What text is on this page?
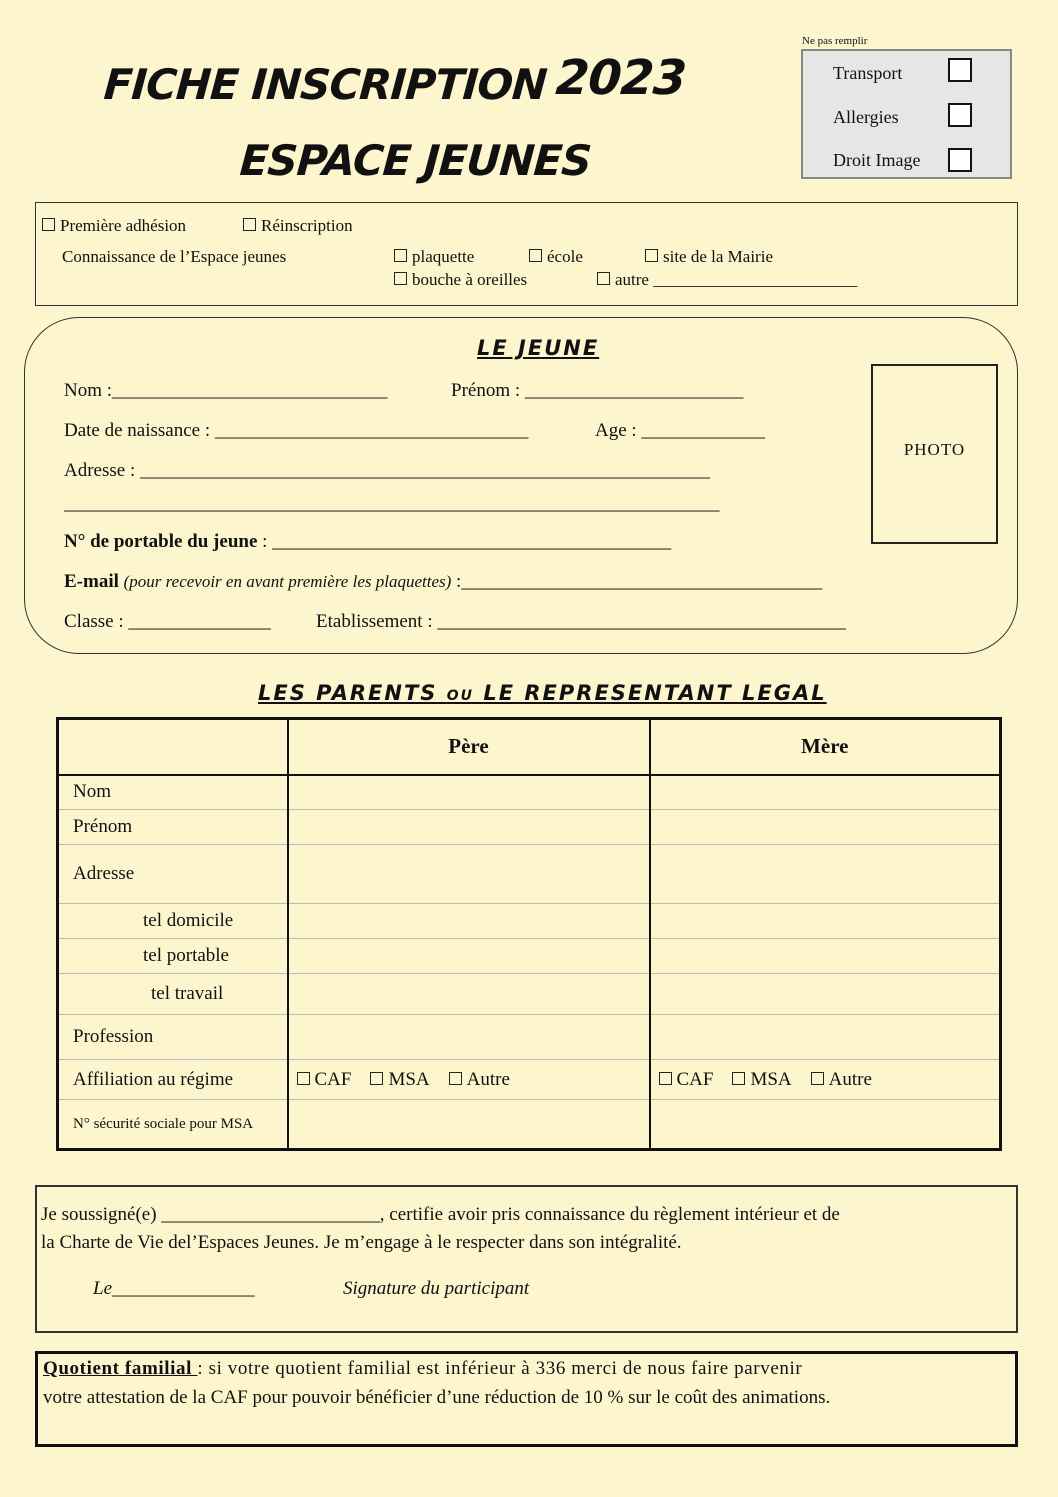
FICHE INSCRIPTION 2023
ESPACE JEUNES
Ne pas remplir
Transport
Allergies
Droit Image
Première adhésion	Réinscription
Connaissance de l’Espace jeunes	plaquette	école	site de la Mairie
bouche à oreilles	autre ________________________
LE JEUNE
Nom :_____________________________	Prénom : _______________________
Date de naissance : _________________________________	Age : _____________
Adresse : ____________________________________________________________
_____________________________________________________________________
N° de portable du jeune : __________________________________________
E-mail (pour recevoir en avant première les plaquettes) :______________________________________
Classe : _______________ Etablissement : ___________________________________________
PHOTO
LES PARENTS OU LE REPRESENTANT LEGAL
	Père	Mère
Nom		
Prénom		
Adresse		
tel domicile		
tel portable		
tel travail		
Profession		
Affiliation au régime	CAF MSA Autre	CAF MSA Autre
N° sécurité sociale pour MSA		
Je soussigné(e) _______________________, certifie avoir pris connaissance du règlement intérieur et de
la Charte de Vie del’Espaces Jeunes. Je m’engage à le respecter dans son intégralité.
Le_______________	Signature du participant
Quotient familial : si votre quotient familial est inférieur à 336 merci de nous faire parvenir
votre attestation de la CAF pour pouvoir bénéficier d’une réduction de 10 % sur le coût des animations.
